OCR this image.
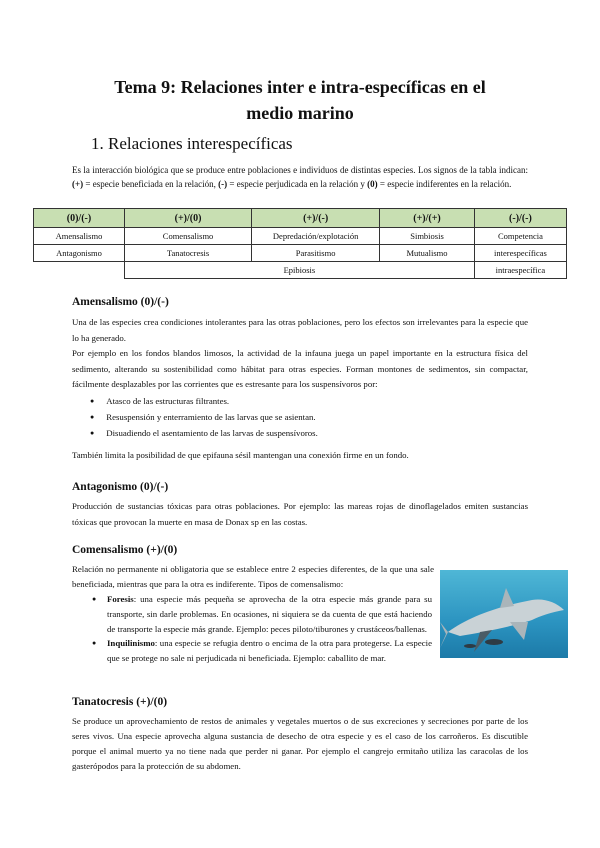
Tema 9: Relaciones inter e intra-específicas en el
medio marino
1. Relaciones interespecíficas
Es la interacción biológica que se produce entre poblaciones e individuos de distintas especies. Los signos de la tabla indican: (+) = especie beneficiada en la relación, (-) = especie perjudicada en la relación y (0) = especie indiferentes en la relación.
(0)/(-)	(+)/(0)	(+)/(-)	(+)/(+)	(-)/(-)
Amensalismo	Comensalismo	Depredación/explotación	Simbiosis	Competencia
Antagonismo	Tanatocresis	Parasitismo	Mutualismo	interespecíficas
	Epibiosis			intraespecífica
Amensalismo (0)/(-)
Una de las especies crea condiciones intolerantes para las otras poblaciones, pero los efectos son irrelevantes para la especie que lo ha generado.
Por ejemplo en los fondos blandos limosos, la actividad de la infauna juega un papel importante en la estructura física del sedimento, alterando su sostenibilidad como hábitat para otras especies. Forman montones de sedimentos, sin compactar, fácilmente desplazables por las corrientes que es estresante para los suspensívoros por:
● Atasco de las estructuras filtrantes.
● Resuspensión y enterramiento de las larvas que se asientan.
● Disuadiendo el asentamiento de las larvas de suspensívoros.
También limita la posibilidad de que epifauna sésil mantengan una conexión firme en un fondo.
Antagonismo (0)/(-)
Producción de sustancias tóxicas para otras poblaciones. Por ejemplo: las mareas rojas de dinoflagelados emiten sustancias tóxicas que provocan la muerte en masa de Donax sp en las costas.
Comensalismo (+)/(0)
Relación no permanente ni obligatoria que se establece entre 2 especies diferentes, de la que una sale beneficiada, mientras que para la otra es indiferente. Tipos de comensalismo:
● Foresis: una especie más pequeña se aprovecha de la otra especie más grande para su transporte, sin darle problemas. En ocasiones, ni siquiera se da cuenta de que está haciendo de transporte la especie más grande. Ejemplo: peces piloto/tiburones y crustáceos/ballenas.
● Inquilinismo: una especie se refugia dentro o encima de la otra para protegerse. La especie que se protege no sale ni perjudicada ni beneficiada. Ejemplo: caballito de mar.
Tanatocresis (+)/(0)
Se produce un aprovechamiento de restos de animales y vegetales muertos o de sus excreciones y secreciones por parte de los seres vivos. Una especie aprovecha alguna sustancia de desecho de otra especie y es el caso de los carroñeros. Es discutible porque el animal muerto ya no tiene nada que perder ni ganar. Por ejemplo el cangrejo ermitaño utiliza las caracolas de los gasterópodos para la protección de su abdomen.
